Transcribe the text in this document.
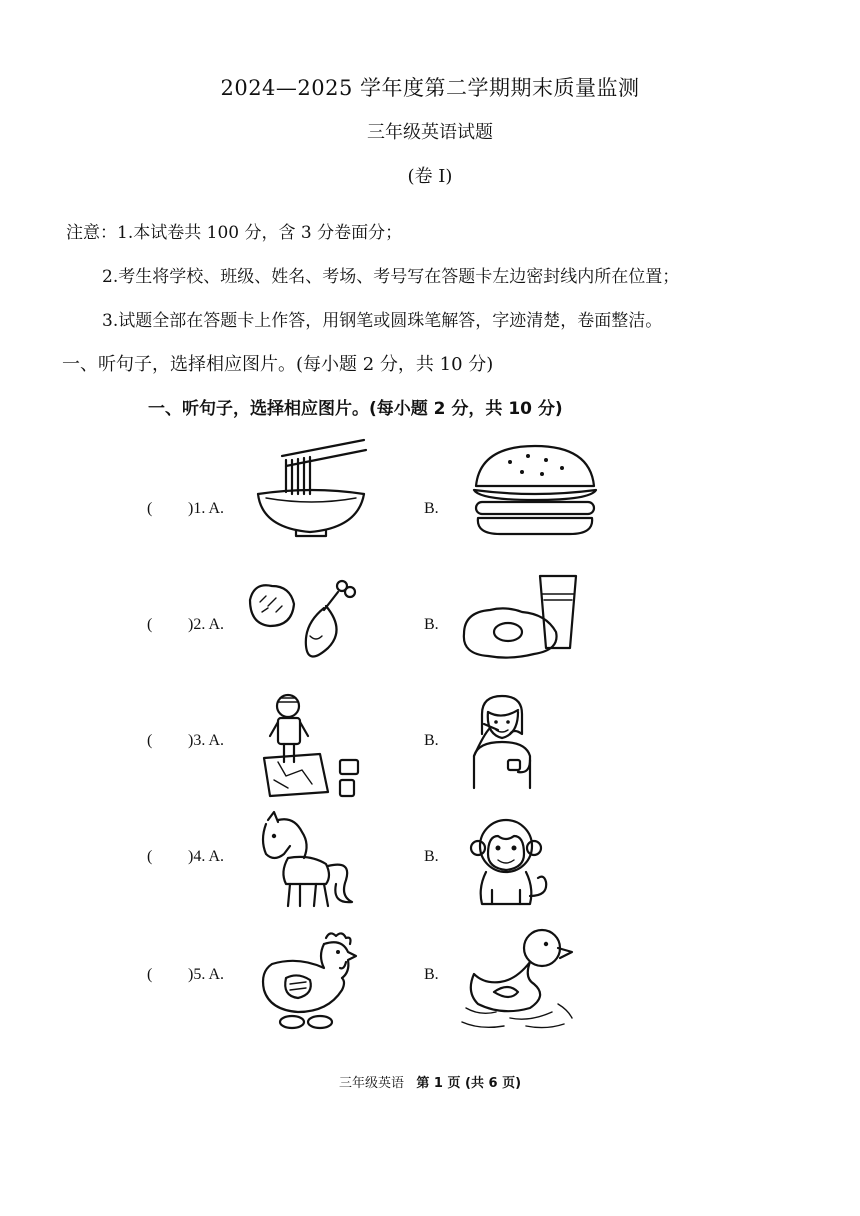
2024—2025 学年度第二学期期末质量监测
三年级英语试题
(卷 I)
注意：1.本试卷共 100 分，含 3 分卷面分；
2.考生将学校、班级、姓名、考场、考号写在答题卡左边密封线内所在位置；
3.试题全部在答题卡上作答，用钢笔或圆珠笔解答，字迹清楚，卷面整洁。
一、听句子，选择相应图片。(每小题 2 分，共 10 分)
一、听句子，选择相应图片。(每小题 2 分，共 10 分)
( )1. A.	B.
( )2. A.	B.
( )3. A.	B.
( )4. A.	B.
( )5. A.	B.
三年级英语 第 1 页 (共 6 页)
